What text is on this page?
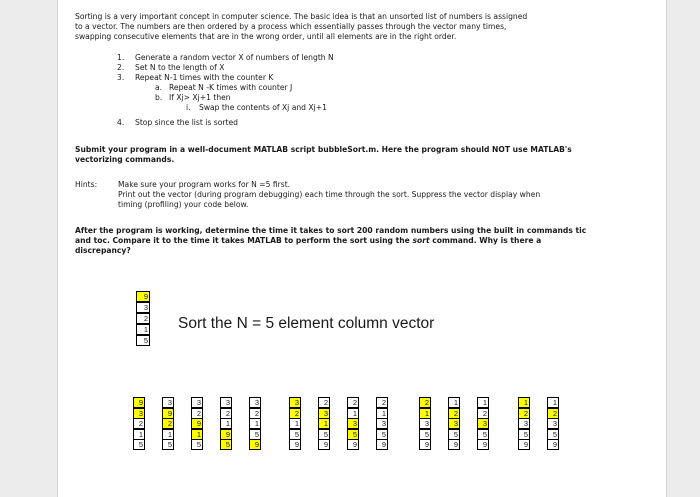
Sorting is a very important concept in computer science. The basic idea is that an unsorted list of numbers is assigned
to a vector. The numbers are then ordered by a process which essentially passes through the vector many times,
swapping consecutive elements that are in the wrong order, until all elements are in the right order.
1. Generate a random vector X of numbers of length N
2. Set N to the length of X
3. Repeat N-1 times with the counter K
a. Repeat N -K times with counter J
b. If Xj> Xj+1 then
i. Swap the contents of Xj and Xj+1
4. Stop since the list is sorted
Submit your program in a well-document MATLAB script bubbleSort.m. Here the program should NOT use MATLAB's
vectorizing commands.
Hints:	Make sure your program works for N =5 first.
Print out the vector (during program debugging) each time through the sort. Suppress the vector display when
timing (profiling) your code below.
After the program is working, determine the time it takes to sort 200 random numbers using the built in commands tic
and toc. Compare it to the time it takes MATLAB to perform the sort using the sort command. Why is there a
discrepancy?
9
3
2
1
5
Sort the N = 5 element column vector
9
3
2
1
5
3
9
2
1
5
3
2
9
1
5
3
2
1
9
5
3
2
1
5
9
3
2
1
5
9
2
3
1
5
9
2
1
3
5
9
2
1
3
5
9
2
1
3
5
9
1
2
3
5
9
1
2
3
5
9
1
2
3
5
9
1
2
3
5
9
